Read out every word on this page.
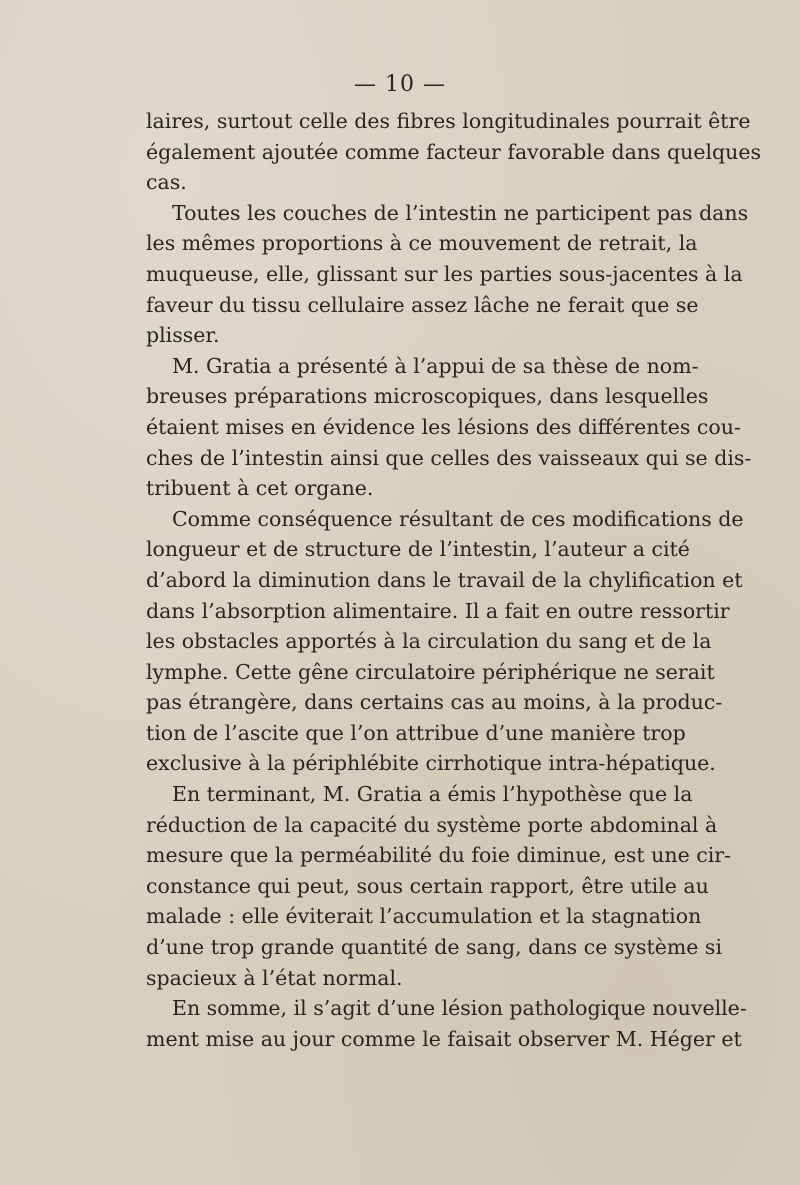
— 10 —
laires, surtout celle des fibres longitudinales pourrait être
également ajoutée comme facteur favorable dans quelques
cas.
Toutes les couches de l’intestin ne participent pas dans
les mêmes proportions à ce mouvement de retrait, la
muqueuse, elle, glissant sur les parties sous-jacentes à la
faveur du tissu cellulaire assez lâche ne ferait que se
plisser.
M. Gratia a présenté à l’appui de sa thèse de nom-
breuses préparations microscopiques, dans lesquelles
étaient mises en évidence les lésions des différentes cou-
ches de l’intestin ainsi que celles des vaisseaux qui se dis-
tribuent à cet organe.
Comme conséquence résultant de ces modifications de
longueur et de structure de l’intestin, l’auteur a cité
d’abord la diminution dans le travail de la chylification et
dans l’absorption alimentaire. Il a fait en outre ressortir
les obstacles apportés à la circulation du sang et de la
lymphe. Cette gêne circulatoire périphérique ne serait
pas étrangère, dans certains cas au moins, à la produc-
tion de l’ascite que l’on attribue d’une manière trop
exclusive à la périphlébite cirrhotique intra-hépatique.
En terminant, M. Gratia a émis l’hypothèse que la
réduction de la capacité du système porte abdominal à
mesure que la perméabilité du foie diminue, est une cir-
constance qui peut, sous certain rapport, être utile au
malade : elle éviterait l’accumulation et la stagnation
d’une trop grande quantité de sang, dans ce système si
spacieux à l’état normal.
En somme, il s’agit d’une lésion pathologique nouvelle-
ment mise au jour comme le faisait observer M. Héger et
